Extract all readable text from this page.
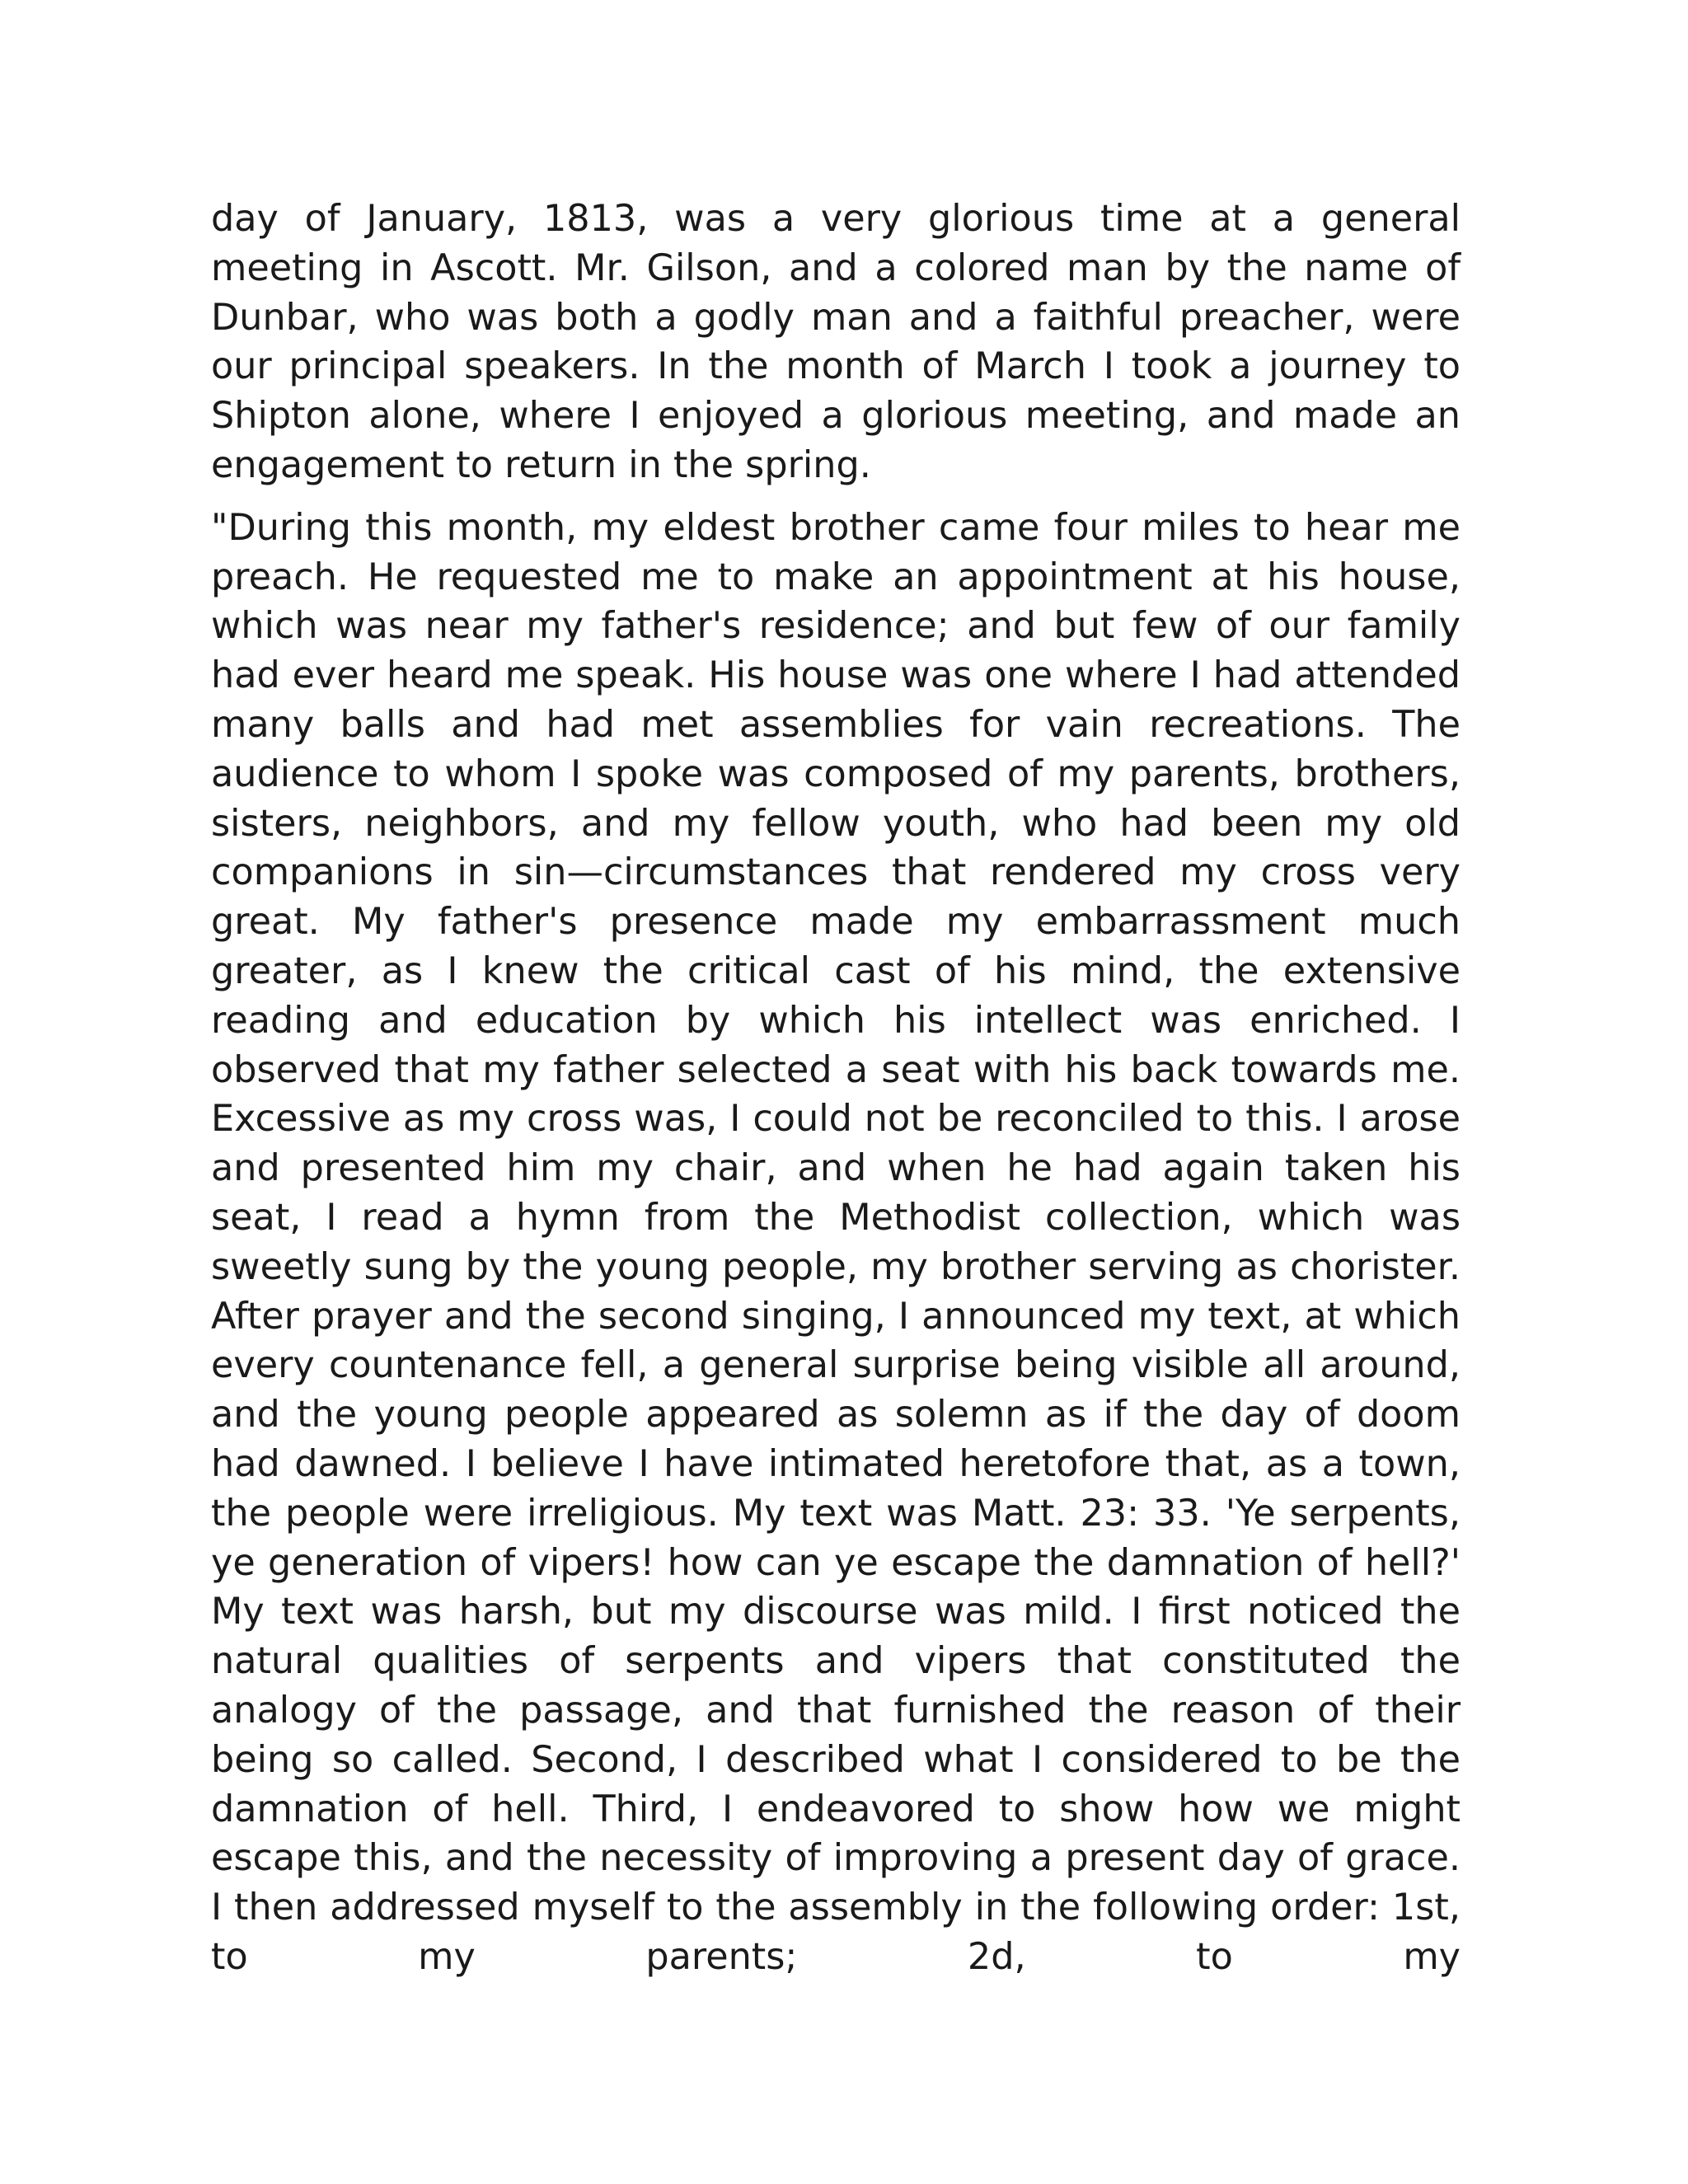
day of January, 1813, was a very glorious time at a general meeting in Ascott. Mr. Gilson, and a colored man by the name of Dunbar, who was both a godly man and a faithful preacher, were our principal speakers. In the month of March I took a journey to Shipton alone, where I enjoyed a glorious meeting, and made an engagement to return in the spring.

"During this month, my eldest brother came four miles to hear me preach. He requested me to make an appointment at his house, which was near my father's residence; and but few of our family had ever heard me speak. His house was one where I had attended many balls and had met assemblies for vain recreations. The audience to whom I spoke was composed of my parents, brothers, sisters, neighbors, and my fellow youth, who had been my old companions in sin—circumstances that rendered my cross very great. My father's presence made my embarrassment much greater, as I knew the critical cast of his mind, the extensive reading and education by which his intellect was enriched. I observed that my father selected a seat with his back towards me. Excessive as my cross was, I could not be reconciled to this. I arose and presented him my chair, and when he had again taken his seat, I read a hymn from the Methodist collection, which was sweetly sung by the young people, my brother serving as chorister. After prayer and the second singing, I announced my text, at which every countenance fell, a general surprise being visible all around, and the young people appeared as solemn as if the day of doom had dawned. I believe I have intimated heretofore that, as a town, the people were irreligious. My text was Matt. 23: 33. 'Ye serpents, ye generation of vipers! how can ye escape the damnation of hell?' My text was harsh, but my discourse was mild. I first noticed the natural qualities of serpents and vipers that constituted the analogy of the passage, and that furnished the reason of their being so called. Second, I described what I considered to be the damnation of hell. Third, I endeavored to show how we might escape this, and the necessity of improving a present day of grace. I then addressed myself to the assembly in the following order: 1st, to my parents; 2d, to my
